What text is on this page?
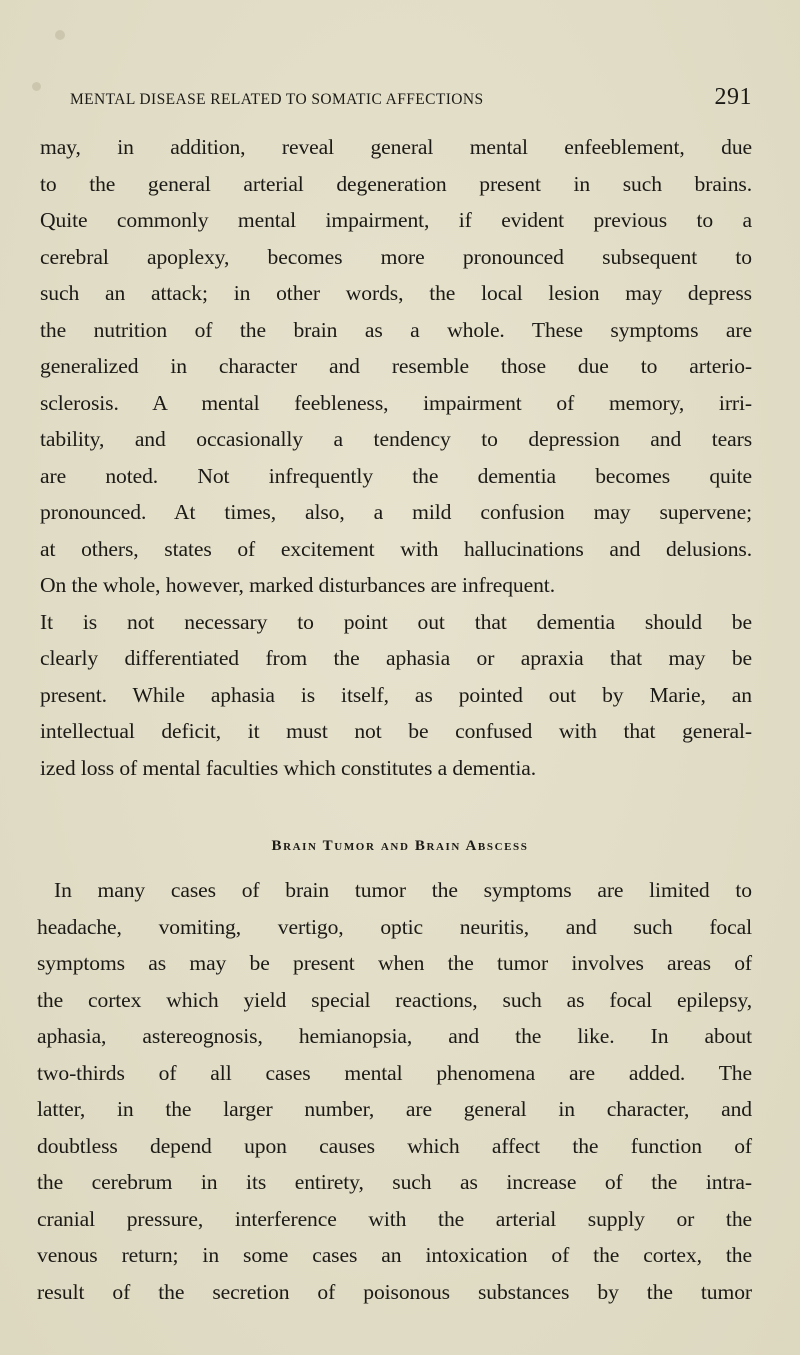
MENTAL DISEASE RELATED TO SOMATIC AFFECTIONS	291
may, in addition, reveal general mental enfeeblement, due
to the general arterial degeneration present in such brains.
Quite commonly mental impairment, if evident previous to a
cerebral apoplexy, becomes more pronounced subsequent to
such an attack; in other words, the local lesion may depress
the nutrition of the brain as a whole. These symptoms are
generalized in character and resemble those due to arterio-
sclerosis. A mental feebleness, impairment of memory, irri-
tability, and occasionally a tendency to depression and tears
are noted. Not infrequently the dementia becomes quite
pronounced. At times, also, a mild confusion may supervene;
at others, states of excitement with hallucinations and delusions.
On the whole, however, marked disturbances are infrequent.
It is not necessary to point out that dementia should be
clearly differentiated from the aphasia or apraxia that may be
present. While aphasia is itself, as pointed out by Marie, an
intellectual deficit, it must not be confused with that general-
ized loss of mental faculties which constitutes a dementia.
Brain Tumor and Brain Abscess
In many cases of brain tumor the symptoms are limited to
headache, vomiting, vertigo, optic neuritis, and such focal
symptoms as may be present when the tumor involves areas of
the cortex which yield special reactions, such as focal epilepsy,
aphasia, astereognosis, hemianopsia, and the like. In about
two-thirds of all cases mental phenomena are added. The
latter, in the larger number, are general in character, and
doubtless depend upon causes which affect the function of
the cerebrum in its entirety, such as increase of the intra-
cranial pressure, interference with the arterial supply or the
venous return; in some cases an intoxication of the cortex, the
result of the secretion of poisonous substances by the tumor
